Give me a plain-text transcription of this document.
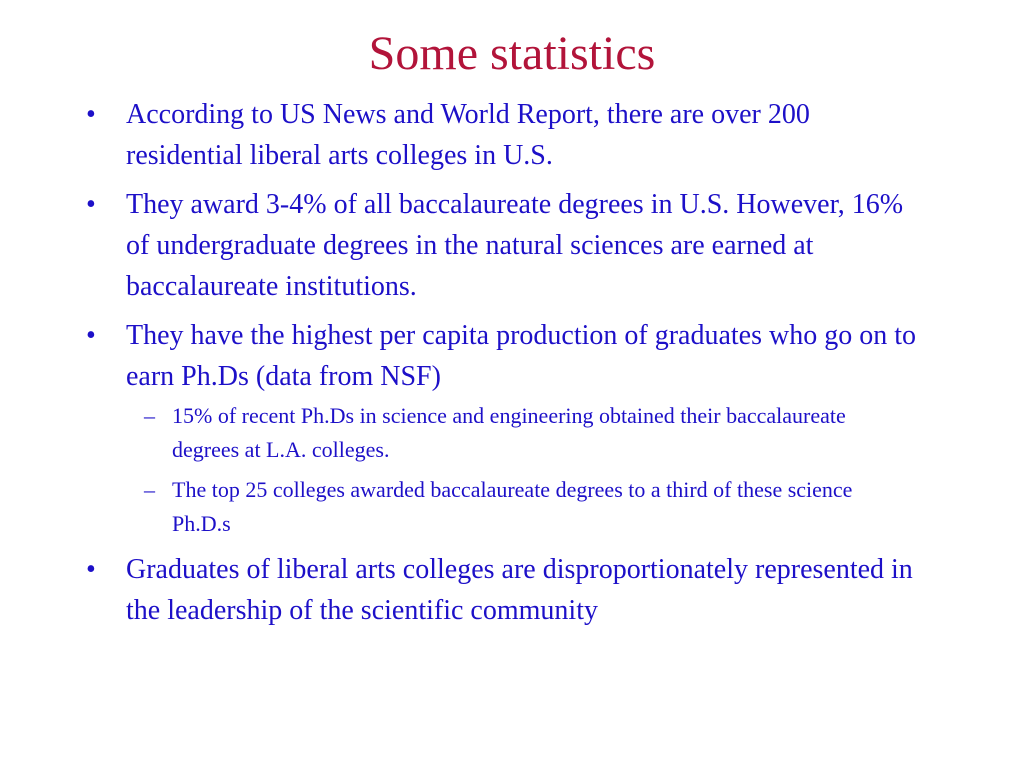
Some statistics
• According to US News and World Report, there are over 200 residential liberal arts colleges in U.S.
• They award 3-4% of all baccalaureate degrees in U.S. However, 16% of undergraduate degrees in the natural sciences are earned at baccalaureate institutions.
• They have the highest per capita production of graduates who go on to earn Ph.Ds (data from NSF)
– 15% of recent Ph.Ds in science and engineering obtained their baccalaureate degrees at L.A. colleges.
– The top 25 colleges awarded baccalaureate degrees to a third of these science Ph.D.s
• Graduates of liberal arts colleges are disproportionately represented in the leadership of the scientific community
